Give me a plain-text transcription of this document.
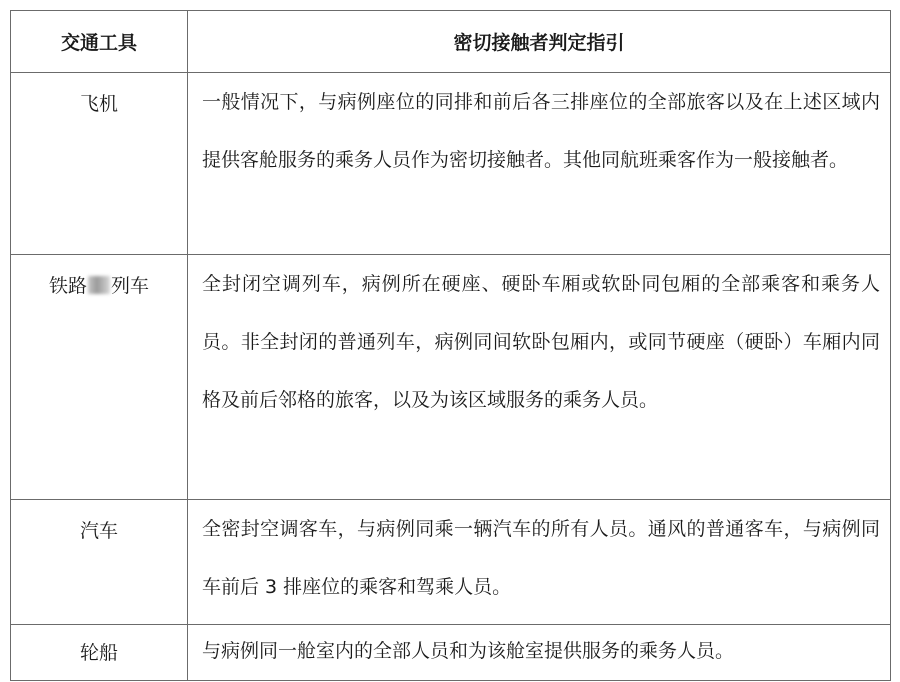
交通工具	密切接触者判定指引
飞机	一般情况下，与病例座位的同排和前后各三排座位的全部旅客以及在上述区域内提供客舱服务的乘务人员作为密切接触者。其他同航班乘客作为一般接触者。
铁路 列车	全封闭空调列车，病例所在硬座、硬卧车厢或软卧同包厢的全部乘客和乘务人员。非全封闭的普通列车，病例同间软卧包厢内，或同节硬座（硬卧）车厢内同格及前后邻格的旅客，以及为该区域服务的乘务人员。
汽车	全密封空调客车，与病例同乘一辆汽车的所有人员。通风的普通客车，与病例同车前后 3 排座位的乘客和驾乘人员。
轮船	与病例同一舱室内的全部人员和为该舱室提供服务的乘务人员。
